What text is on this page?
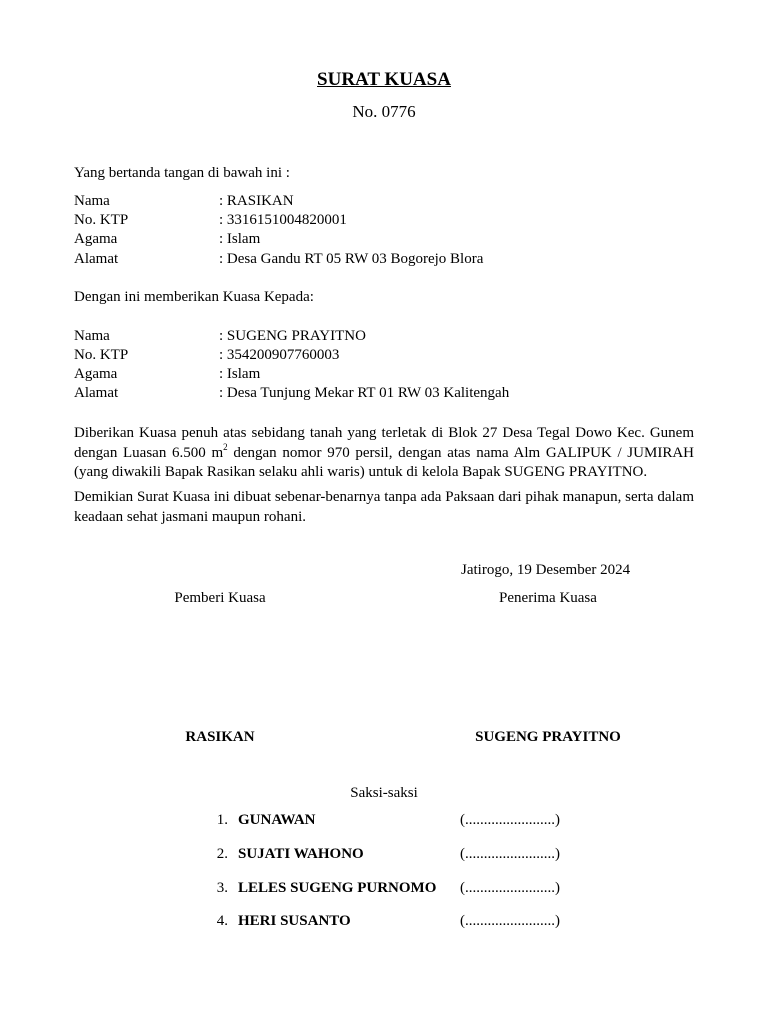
SURAT KUASA
No. 0776
Yang bertanda tangan di bawah ini :
Nama	: RASIKAN
No. KTP	: 3316151004820001
Agama	: Islam
Alamat	: Desa Gandu RT 05 RW 03 Bogorejo Blora
Dengan ini memberikan Kuasa Kepada:
Nama	: SUGENG PRAYITNO
No. KTP	: 354200907760003
Agama	: Islam
Alamat	: Desa Tunjung Mekar RT 01 RW 03 Kalitengah
Diberikan Kuasa penuh atas sebidang tanah yang terletak di Blok 27 Desa Tegal Dowo Kec. Gunem dengan Luasan 6.500 $m^2$ dengan nomor 970 persil, dengan atas nama Alm GALIPUK / JUMIRAH (yang diwakili Bapak Rasikan selaku ahli waris) untuk di kelola Bapak SUGENG PRAYITNO.
Demikian Surat Kuasa ini dibuat sebenar-benarnya tanpa ada Paksaan dari pihak manapun, serta dalam keadaan sehat jasmani maupun rohani.
Jatirogo, 19 Desember 2024
Pemberi Kuasa	Penerima Kuasa
RASIKAN	SUGENG PRAYITNO
Saksi-saksi
1. GUNAWAN	(........................)
2. SUJATI WAHONO	(........................)
3. LELES SUGENG PURNOMO (........................)
4. HERI SUSANTO	(........................)
